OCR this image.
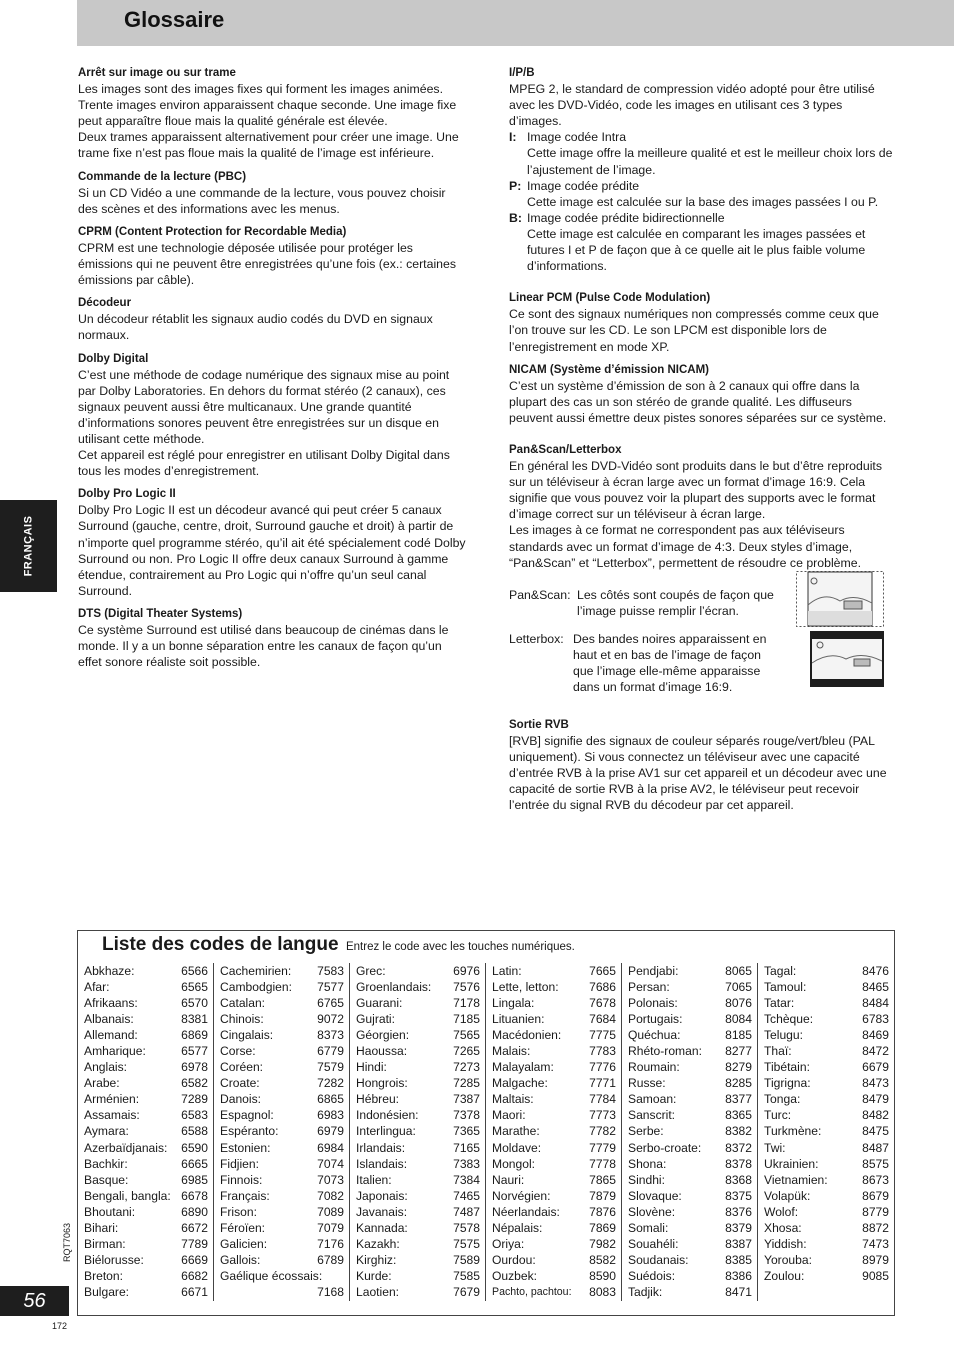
Glossaire
FRANÇAIS
Arrêt sur image ou sur trame

Les images sont des images fixes qui forment les images animées. Trente images environ apparaissent chaque seconde. Une image fixe peut apparaître floue mais la qualité générale est élevée.

Deux trames apparaissent alternativement pour créer une image. Une trame fixe n’est pas floue mais la qualité de l’image est inférieure.

Commande de la lecture (PBC)

Si un CD Vidéo a une commande de la lecture, vous pouvez choisir des scènes et des informations avec les menus.

CPRM (Content Protection for Recordable Media)

CPRM est une technologie déposée utilisée pour protéger les émissions qui ne peuvent être enregistrées qu’une fois (ex.: certaines émissions par câble).

Décodeur

Un décodeur rétablit les signaux audio codés du DVD en signaux normaux.

Dolby Digital

C’est une méthode de codage numérique des signaux mise au point par Dolby Laboratories. En dehors du format stéréo (2 canaux), ces signaux peuvent aussi être multicanaux. Une grande quantité d’informations sonores peuvent être enregistrées sur un disque en utilisant cette méthode.

Cet appareil est réglé pour enregistrer en utilisant Dolby Digital dans tous les modes d’enregistrement.

Dolby Pro Logic II

Dolby Pro Logic II est un décodeur avancé qui peut créer 5 canaux Surround (gauche, centre, droit, Surround gauche et droit) à partir de n’importe quel programme stéréo, qu’il ait été spécialement codé Dolby Surround ou non. Pro Logic II offre deux canaux Surround à gamme étendue, contrairement au Pro Logic qui n’offre qu’un seul canal Surround.

DTS (Digital Theater Systems)

Ce système Surround est utilisé dans beaucoup de cinémas dans le monde. Il y a un bonne séparation entre les canaux de façon qu’un effet sonore réaliste soit possible.

I/P/B

MPEG 2, le standard de compression vidéo adopté pour être utilisé avec les DVD-Vidéo, code les images en utilisant ces 3 types d’images.

I: Image codée Intra
Cette image offre la meilleure qualité et est le meilleur choix lors de l’ajustement de l’image.
P: Image codée prédite
Cette image est calculée sur la base des images passées I ou P.
B: Image codée prédite bidirectionnelle
Cette image est calculée en comparant les images passées et futures I et P de façon que à ce quelle ait le plus faible volume d’informations.
Linear PCM (Pulse Code Modulation)

Ce sont des signaux numériques non compressés comme ceux que l’on trouve sur les CD. Le son LPCM est disponible lors de l’enregistrement en mode XP.

NICAM (Système d’émission NICAM)

C’est un système d’émission de son à 2 canaux qui offre dans la plupart des cas un son stéréo de grande qualité. Les diffuseurs peuvent aussi émettre deux pistes sonores séparées sur ce système.

Pan&Scan/Letterbox

En général les DVD-Vidéo sont produits dans le but d’être reproduits sur un téléviseur à écran large avec un format d’image 16:9. Cela signifie que vous pouvez voir la plupart des supports avec le format d’image correct sur un téléviseur à écran large.

Les images à ce format ne correspondent pas aux téléviseurs standards avec un format d’image de 4:3. Deux styles d’image, “Pan&Scan” et “Letterbox”, permettent de résoudre ce problème.

Pan&Scan: Les côtés sont coupés de façon que l’image puisse remplir l’écran.
Letterbox: Des bandes noires apparaissent en haut et en bas de l’image de façon que l’image elle-même apparaisse dans un format d’image 16:9.
Sortie RVB

[RVB] signifie des signaux de couleur séparés rouge/vert/bleu (PAL uniquement). Si vous connectez un téléviseur avec une capacité d’entrée RVB à la prise AV1 sur cet appareil et un décodeur avec une capacité de sortie RVB à la prise AV2, le téléviseur peut recevoir l’entrée du signal RVB du décodeur par cet appareil.

Liste des codes de langue Entrez le code avec les touches numériques.
Abkhaze:	6566
Afar:	6565
Afrikaans:	6570
Albanais:	8381
Allemand:	6869
Amharique:	6577
Anglais:	6978
Arabe:	6582
Arménien:	7289
Assamais:	6583
Aymara:	6588
Azerbaïdjanais: 6590
Bachkir:	6665
Basque:	6985
Bengali, bangla: 6678
Bhoutani:	6890
Bihari:	6672
Birman:	7789
Biélorusse:	6669
Breton:	6682
Bulgare:	6671
Cachemirien: 7583
Cambodgien: 7577
Catalan:	6765
Chinois:	9072
Cingalais:	8373
Corse:	6779
Coréen:	7579
Croate:	7282
Danois:	6865
Espagnol:	6983
Espéranto:	6979
Estonien:	6984
Fidjien:	7074
Finnois:	7073
Français:	7082
Frison:	7089
Féroïen:	7079
Galicien:	7176
Gallois:	6789
Gaélique écossais:
7168
Grec:	6976
Groenlandais: 7576
Guarani:	7178
Gujrati:	7185
Géorgien:	7565
Haoussa:	7265
Hindi:	7273
Hongrois:	7285
Hébreu:	7387
Indonésien:	7378
Interlingua:	7365
Irlandais:	7165
Islandais:	7383
Italien:	7384
Japonais:	7465
Javanais:	7487
Kannada:	7578
Kazakh:	7575
Kirghiz:	7589
Kurde:	7585
Laotien:	7679
Latin:	7665
Lette, letton:	7686
Lingala:	7678
Lituanien:	7684
Macédonien: 7775
Malais:	7783
Malayalam:	7776
Malgache:	7771
Maltais:	7784
Maori:	7773
Marathe:	7782
Moldave:	7779
Mongol:	7778
Nauri:	7865
Norvégien:	7879
Néerlandais: 7876
Népalais:	7869
Oriya:	7982
Ourdou:	8582
Ouzbek:	8590
Pachto, pachtou: 8083
Pendjabi:	8065
Persan:	7065
Polonais:	8076
Portugais:	8084
Quéchua:	8185
Rhéto-roman: 8277
Roumain:	8279
Russe:	8285
Samoan:	8377
Sanscrit:	8365
Serbe:	8382
Serbo-croate: 8372
Shona:	8378
Sindhi:	8368
Slovaque:	8375
Slovène:	8376
Somali:	8379
Souahéli:	8387
Soudanais:	8385
Suédois:	8386
Tadjik:	8471
Tagal:	8476
Tamoul:	8465
Tatar:	8484
Tchèque:	6783
Telugu:	8469
Thaï:	8472
Tibétain:	6679
Tigrigna:	8473
Tonga:	8479
Turc:	8482
Turkmène:	8475
Twi:	8487
Ukrainien:	8575
Vietnamien:	8673
Volapük:	8679
Wolof:	8779
Xhosa:	8872
Yiddish:	7473
Yorouba:	8979
Zoulou:	9085
RQT7063
56
172
